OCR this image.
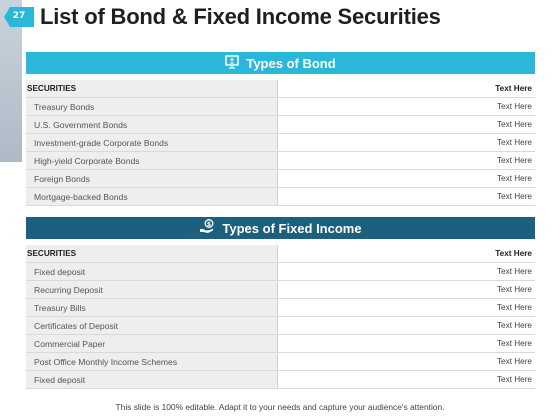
27 List of Bond & Fixed Income Securities
Types of Bond
SECURITIES	Text Here
Treasury Bonds	Text Here
U.S. Government Bonds	Text Here
Investment-grade Corporate Bonds	Text Here
High-yield Corporate Bonds	Text Here
Foreign Bonds	Text Here
Mortgage-backed Bonds	Text Here
$ Types of Fixed Income
SECURITIES	Text Here
Fixed deposit	Text Here
Recurring Deposit	Text Here
Treasury Bills	Text Here
Certificates of Deposit	Text Here
Commercial Paper	Text Here
Post Office Monthly Income Schemes	Text Here
Fixed deposit	Text Here
This slide is 100% editable. Adapt it to your needs and capture your audience's attention.
